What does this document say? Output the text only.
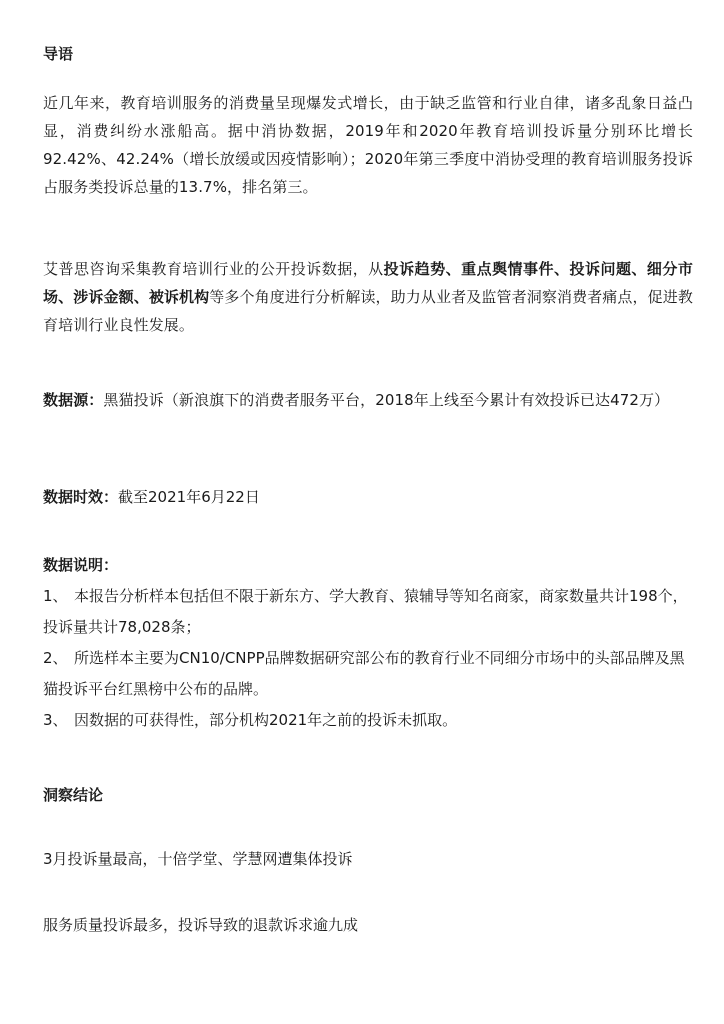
导语
近几年来，教育培训服务的消费量呈现爆发式增长，由于缺乏监管和行业自律，诸多乱象日益凸显，消费纠纷水涨船高。据中消协数据，2019年和2020年教育培训投诉量分别环比增长92.42%、42.24%（增长放缓或因疫情影响）；2020年第三季度中消协受理的教育培训服务投诉占服务类投诉总量的13.7%，排名第三。
艾普思咨询采集教育培训行业的公开投诉数据，从投诉趋势、重点舆情事件、投诉问题、细分市场、涉诉金额、被诉机构等多个角度进行分析解读，助力从业者及监管者洞察消费者痛点，促进教育培训行业良性发展。
数据源：黑猫投诉（新浪旗下的消费者服务平台，2018年上线至今累计有效投诉已达472万）
数据时效：截至2021年6月22日
数据说明：
1、 本报告分析样本包括但不限于新东方、学大教育、猿辅导等知名商家，商家数量共计198个，投诉量共计78,028条；
2、 所选样本主要为CN10/CNPP品牌数据研究部公布的教育行业不同细分市场中的头部品牌及黑猫投诉平台红黑榜中公布的品牌。
3、 因数据的可获得性，部分机构2021年之前的投诉未抓取。
洞察结论
3月投诉量最高，十倍学堂、学慧网遭集体投诉
服务质量投诉最多，投诉导致的退款诉求逾九成
